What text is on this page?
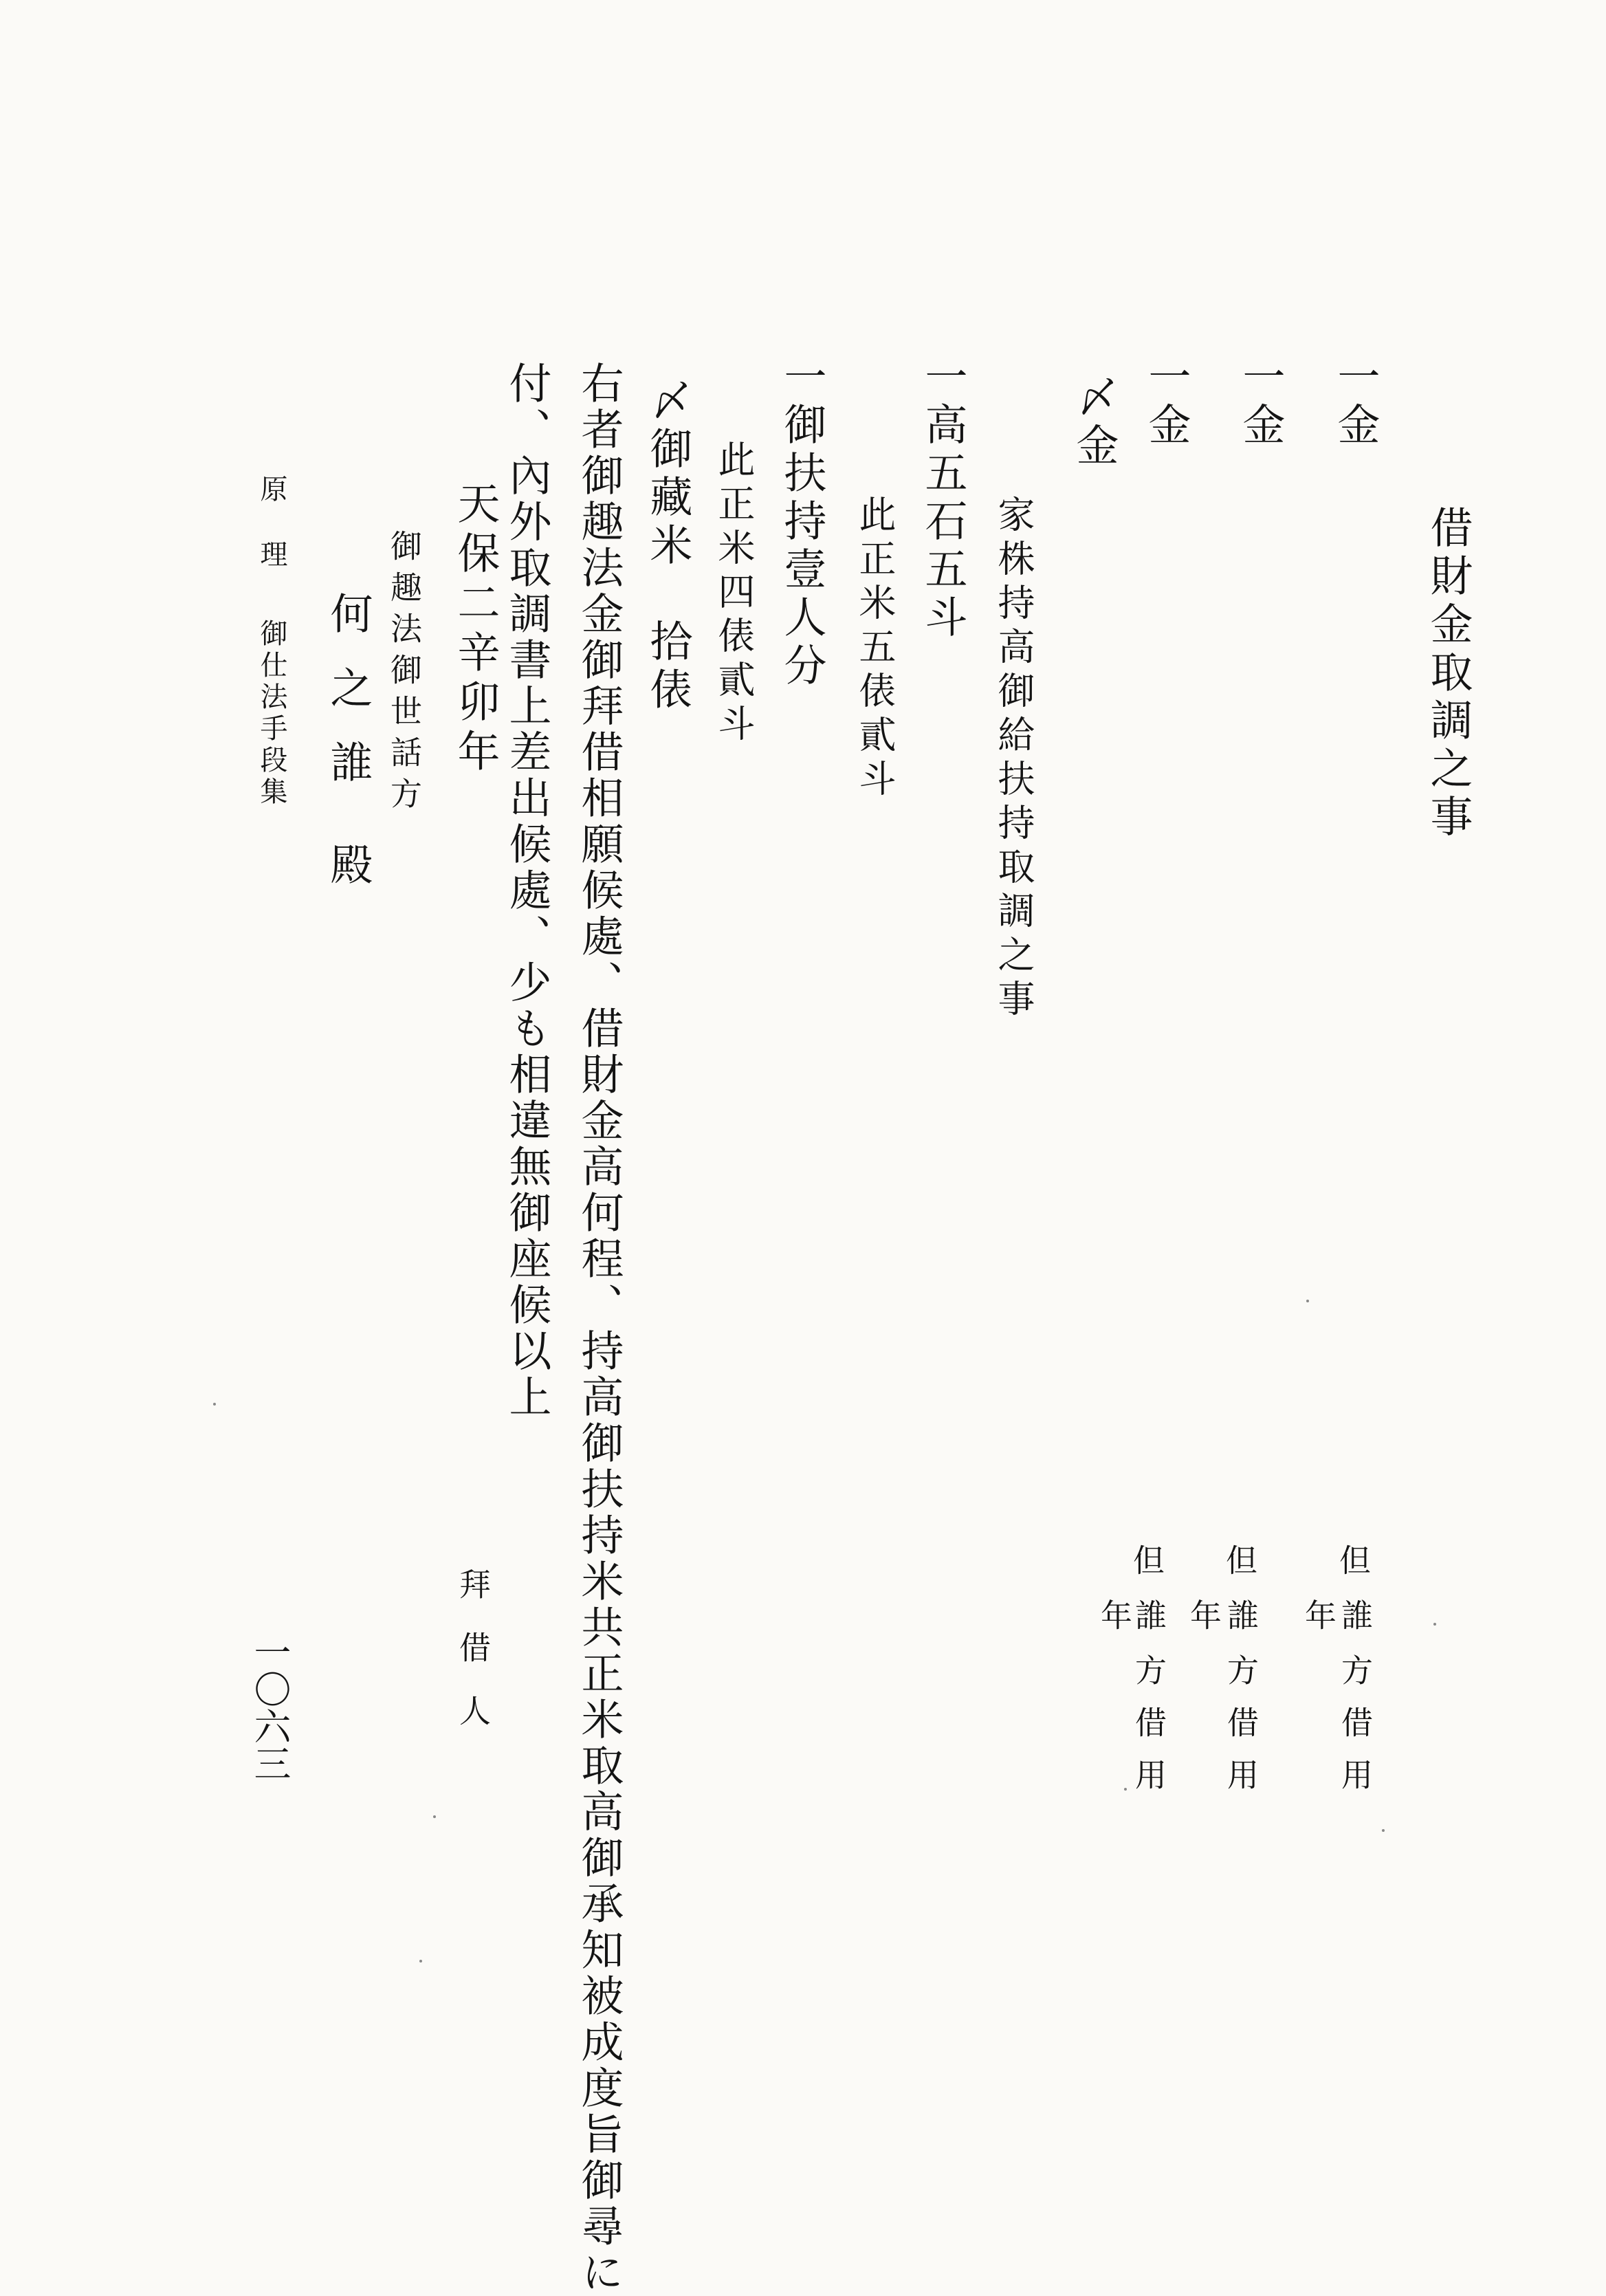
借財金取調之事
一金
一金
一金
〆金
但
年 誰
方借用
但
年 誰
方借用
但
年
誰
方借用
家株持高御給扶持取調之事
一高五石五斗
此正米五俵貳斗
一御扶持壹人分
此正米四俵貳斗
〆御藏米　拾俵
右者御趣法金御拜借相願候處、借財金高何程、持高御扶持米共正米取高御承知被成度旨御尋に
付、內外取調書上差出候處、少も相違無御座候以上
天保二辛卯年
拜借人
御趣法御世話方
何之誰
殿
原
理
御仕法手段集
一〇六三
